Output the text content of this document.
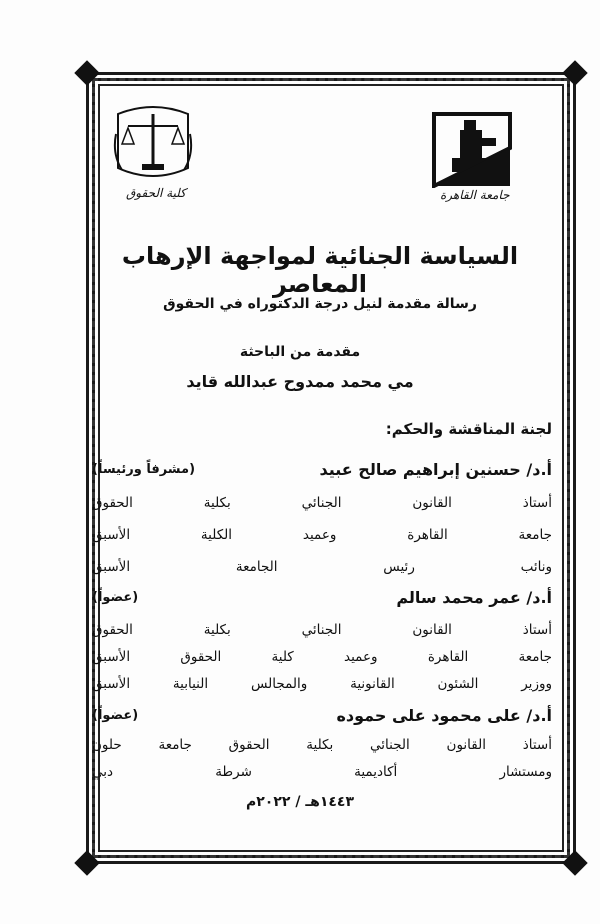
جامعة القاهرة
كلية الحقوق
السياسة الجنائية لمواجهة الإرهاب المعاصر
رسالة مقدمة لنيل درجة الدكتوراه في الحقوق
مقدمة من الباحثة
مي محمد ممدوح عبدالله قايد
لجنة المناقشة والحكم:
أ.د/ حسنين إبراهيم صالح عبيد
(مشرفاً ورئيساً)
أستاذ القانون الجنائي بكلية الحقوق
جامعة القاهرة وعميد الكلية الأسبق
ونائب رئيس الجامعة الأسبق
أ.د/ عمر محمد سالم
(عضواً)
أستاذ القانون الجنائي بكلية الحقوق
جامعة القاهرة وعميد كلية الحقوق الأسبق
ووزير الشئون القانونية والمجالس النيابية الأسبق
أ.د/ على محمود على حموده
(عضواً)
أستاذ القانون الجنائي بكلية الحقوق جامعة حلون
ومستشار أكاديمية شرطة دبي
١٤٤٣هـ / ٢٠٢٢م
